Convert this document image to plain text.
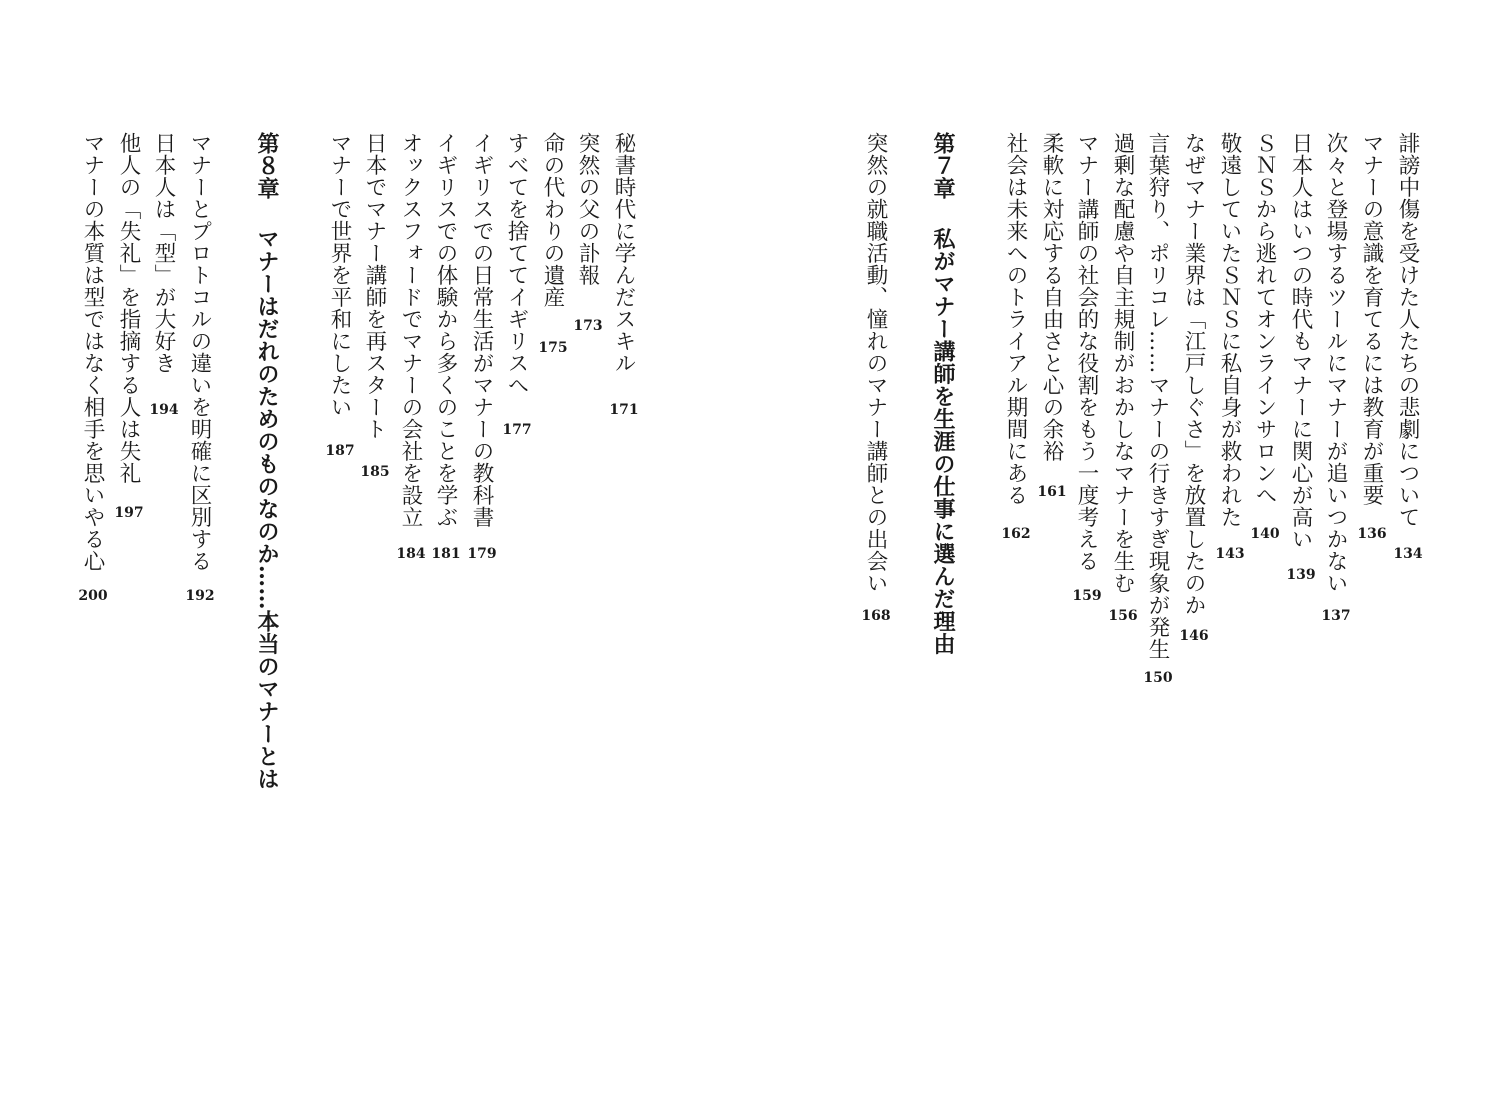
誹謗中傷を受けた人たちの悲劇について
134
マナーの意識を育てるには教育が重要
136
次々と登場するツールにマナーが追いつかない
137
日本人はいつの時代もマナーに関心が高い
139
ＳＮＳから逃れてオンラインサロンへ
140
敬遠していたＳＮＳに私自身が救われた
143
なぜマナー業界は「江戸しぐさ」を放置したのか
146
言葉狩り、ポリコレ……マナーの行きすぎ現象が発生
150
過剰な配慮や自主規制がおかしなマナーを生む
156
マナー講師の社会的な役割をもう一度考える
159
柔軟に対応する自由さと心の余裕
161
社会は未来へのトライアル期間にある
162
第７章私がマナー講師を生涯の仕事に選んだ理由
突然の就職活動、憧れのマナー講師との出会い
168
秘書時代に学んだスキル
171
突然の父の訃報
173
命の代わりの遺産
175
すべてを捨ててイギリスへ
177
イギリスでの日常生活がマナーの教科書
179
イギリスでの体験から多くのことを学ぶ
181
オックスフォードでマナーの会社を設立
184
日本でマナー講師を再スタート
185
マナーで世界を平和にしたい
187
第８章マナーはだれのためのものなのか……本当のマナーとは
マナーとプロトコルの違いを明確に区別する
192
日本人は「型」が大好き
194
他人の「失礼」を指摘する人は失礼
197
マナーの本質は型ではなく相手を思いやる心
200
